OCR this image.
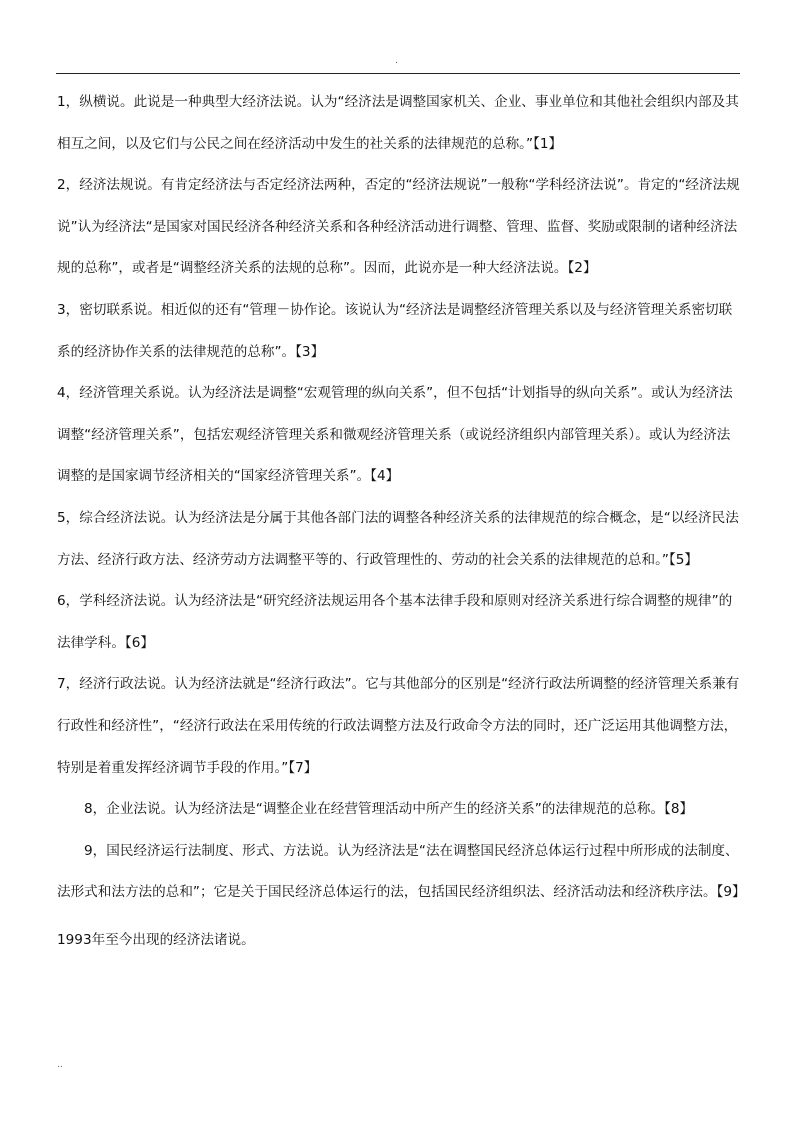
.

1，纵横说。此说是一种典型大经济法说。认为“经济法是调整国家机关、企业、事业单位和其他社会组织内部及其相互之间，以及它们与公民之间在经济活动中发生的社关系的法律规范的总称。”【1】

2，经济法规说。有肯定经济法与否定经济法两种，否定的“经济法规说”一般称“学科经济法说”。肯定的“经济法规说”认为经济法“是国家对国民经济各种经济关系和各种经济活动进行调整、管理、监督、奖励或限制的诸种经济法规的总称”，或者是“调整经济关系的法规的总称”。因而，此说亦是一种大经济法说。【2】

3，密切联系说。相近似的还有“管理－协作论。该说认为“经济法是调整经济管理关系以及与经济管理关系密切联系的经济协作关系的法律规范的总称”。【3】

4，经济管理关系说。认为经济法是调整“宏观管理的纵向关系”，但不包括“计划指导的纵向关系”。或认为经济法调整“经济管理关系”，包括宏观经济管理关系和微观经济管理关系（或说经济组织内部管理关系）。或认为经济法调整的是国家调节经济相关的“国家经济管理关系”。【4】

5，综合经济法说。认为经济法是分属于其他各部门法的调整各种经济关系的法律规范的综合概念，是“以经济民法方法、经济行政方法、经济劳动方法调整平等的、行政管理性的、劳动的社会关系的法律规范的总和。”【5】

6，学科经济法说。认为经济法是“研究经济法规运用各个基本法律手段和原则对经济关系进行综合调整的规律”的法律学科。【6】

7，经济行政法说。认为经济法就是“经济行政法”。它与其他部分的区别是“经济行政法所调整的经济管理关系兼有行政性和经济性”，“经济行政法在采用传统的行政法调整方法及行政命令方法的同时，还广泛运用其他调整方法，特别是着重发挥经济调节手段的作用。”【7】

8，企业法说。认为经济法是“调整企业在经营管理活动中所产生的经济关系”的法律规范的总称。【8】

9，国民经济运行法制度、形式、方法说。认为经济法是“法在调整国民经济总体运行过程中所形成的法制度、法形式和法方法的总和”；它是关于国民经济总体运行的法，包括国民经济组织法、经济活动法和经济秩序法。【9】

1993年至今出现的经济法诸说。

..
